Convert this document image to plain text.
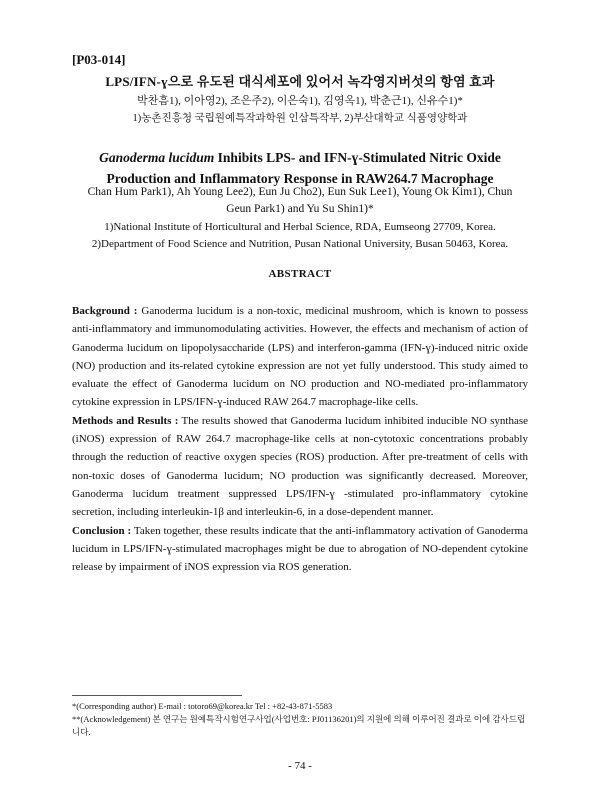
[P03-014]
LPS/IFN-ɣ으로 유도된 대식세포에 있어서 녹각영지버섯의 항염 효과
박찬흠1), 이아영2), 조은주2), 이은숙1), 김영옥1), 박춘근1), 신유수1)*
1)농촌진흥청 국립원예특작과학원 인삼특작부, 2)부산대학교 식품영양학과
Ganoderma lucidum Inhibits LPS- and IFN-ɣ-Stimulated Nitric Oxide
Production and Inflammatory Response in RAW264.7 Macrophage
Chan Hum Park1), Ah Young Lee2), Eun Ju Cho2), Eun Suk Lee1), Young Ok Kim1), Chun Geun Park1) and Yu Su Shin1)*
1)National Institute of Horticultural and Herbal Science, RDA, Eumseong 27709, Korea.
2)Department of Food Science and Nutrition, Pusan National University, Busan 50463, Korea.
ABSTRACT

Background : Ganoderma lucidum is a non-toxic, medicinal mushroom, which is known to possess anti-inflammatory and immunomodulating activities. However, the effects and mechanism of action of Ganoderma lucidum on lipopolysaccharide (LPS) and interferon-gamma (IFN-ɣ)-induced nitric oxide (NO) production and its-related cytokine expression are not yet fully understood. This study aimed to evaluate the effect of Ganoderma lucidum on NO production and NO-mediated pro-inflammatory cytokine expression in LPS/IFN-ɣ-induced RAW 264.7 macrophage-like cells.

Methods and Results : The results showed that Ganoderma lucidum inhibited inducible NO synthase (iNOS) expression of RAW 264.7 macrophage-like cells at non-cytotoxic concentrations probably through the reduction of reactive oxygen species (ROS) production. After pre-treatment of cells with non-toxic doses of Ganoderma lucidum; NO production was significantly decreased. Moreover, Ganoderma lucidum treatment suppressed LPS/IFN-ɣ -stimulated pro-inflammatory cytokine secretion, including interleukin-1β and interleukin-6, in a dose-dependent manner.

Conclusion : Taken together, these results indicate that the anti-inflammatory activation of Ganoderma lucidum in LPS/IFN-ɣ-stimulated macrophages might be due to abrogation of NO-dependent cytokine release by impairment of iNOS expression via ROS generation.

*(Corresponding author) E-mail : totoro69@korea.kr Tel : +82-43-871-5583

**(Acknowledgement) 본 연구는 원예특작시험연구사업(사업번호: PJ01136201)의 지원에 의해 이루어진 결과로 이에 감사드립니다.

- 74 -
